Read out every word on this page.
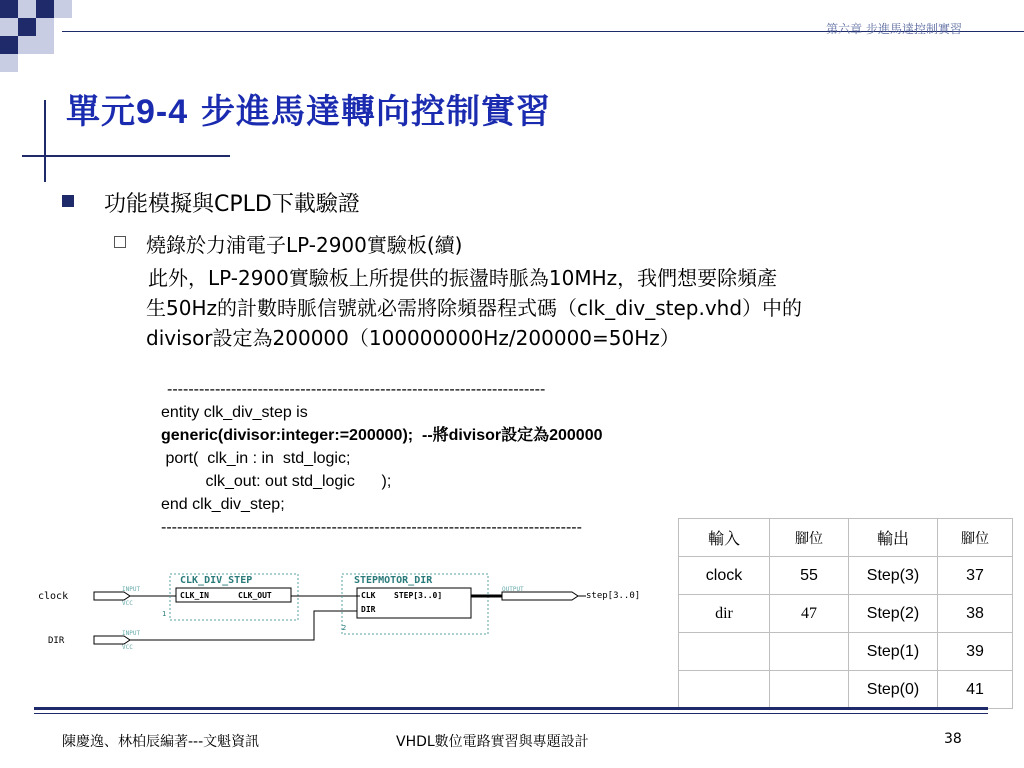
第六章 步進馬達控制實習
單元9-4 步進馬達轉向控制實習
功能模擬與CPLD下載驗證
燒錄於力浦電子LP-2900實驗板(續)
此外，LP-2900實驗板上所提供的振盪時脈為10MHz，我們想要除頻產
生50Hz的計數時脈信號就必需將除頻器程式碼（clk_div_step.vhd）中的
divisor設定為200000（100000000Hz/200000=50Hz）
-----------------------------------------------------------------------
entity clk_div_step is
generic(divisor:integer:=200000);  --將divisor設定為200000
port(  clk_in : in  std_logic;
clk_out: out std_logic      );
end clk_div_step;
-------------------------------------------------------------------------------
clock
INPUT
VCC
CLK_DIV_STEP
CLK_IN	CLK_OUT
1
STEPMOTOR_DIR
CLK STEP[3..0]
DIR
2
OUTPUT
step[3..0]
DIR
INPUT
VCC
輸入	腳位	輸出	腳位
clock	55	Step(3)	37
dir	47	Step(2)	38
		Step(1)	39
		Step(0)	41
陳慶逸、林柏辰編著---文魁資訊	VHDL數位電路實習與專題設計	38
